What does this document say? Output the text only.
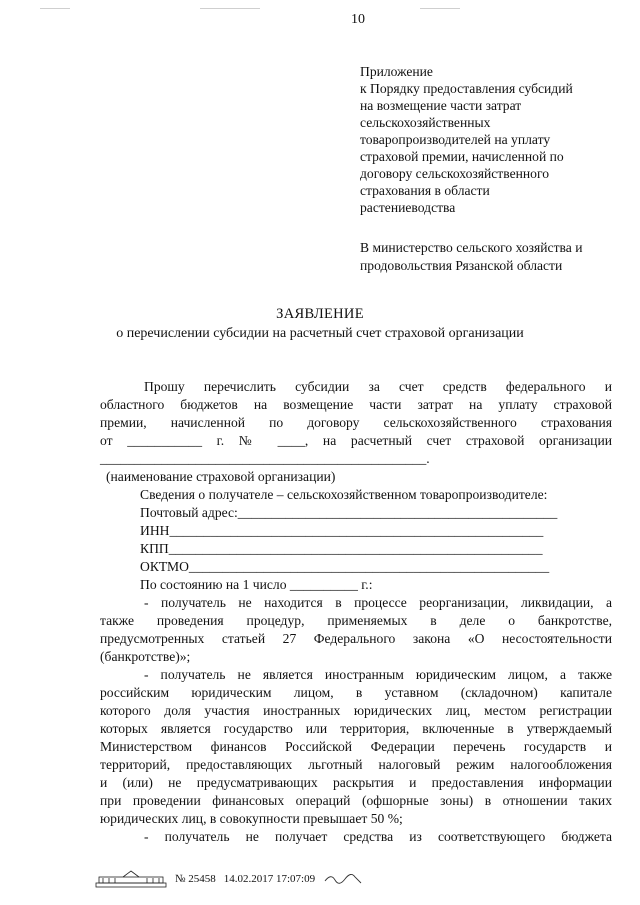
10
Приложение
к Порядку предоставления субсидий
на возмещение части затрат
сельскохозяйственных
товаропроизводителей на уплату
страховой премии, начисленной по
договору сельскохозяйственного
страхования в области
растениеводства
В министерство сельского хозяйства и
продовольствия Рязанской области
ЗАЯВЛЕНИЕ
о перечислении субсидии на расчетный счет страховой организации
Прошу перечислить субсидии за счет средств федерального и
областного бюджетов на возмещение части затрат на уплату страховой
премии, начисленной по договору сельскохозяйственного страхования
от ___________ г. № ____, на расчетный счет страховой организации
________________________________________________.
(наименование страховой организации)
Сведения о получателе – сельскохозяйственном товаропроизводителе:
Почтовый адрес:_______________________________________________
ИНН_______________________________________________________
КПП_______________________________________________________
ОКТМО_____________________________________________________
По состоянию на 1 число __________ г.:
- получатель не находится в процессе реорганизации, ликвидации, а
также проведения процедур, применяемых в деле о банкротстве,
предусмотренных статьей 27 Федерального закона «О несостоятельности
(банкротстве)»;
- получатель не является иностранным юридическим лицом, а также
российским юридическим лицом, в уставном (складочном) капитале
которого доля участия иностранных юридических лиц, местом регистрации
которых является государство или территория, включенные в утверждаемый
Министерством финансов Российской Федерации перечень государств и
территорий, предоставляющих льготный налоговый режим налогообложения
и (или) не предусматривающих раскрытия и предоставления информации
при проведении финансовых операций (офшорные зоны) в отношении таких
юридических лиц, в совокупности превышает 50 %;
- получатель не получает средства из соответствующего бюджета
№ 25458 14.02.2017 17:07:09
